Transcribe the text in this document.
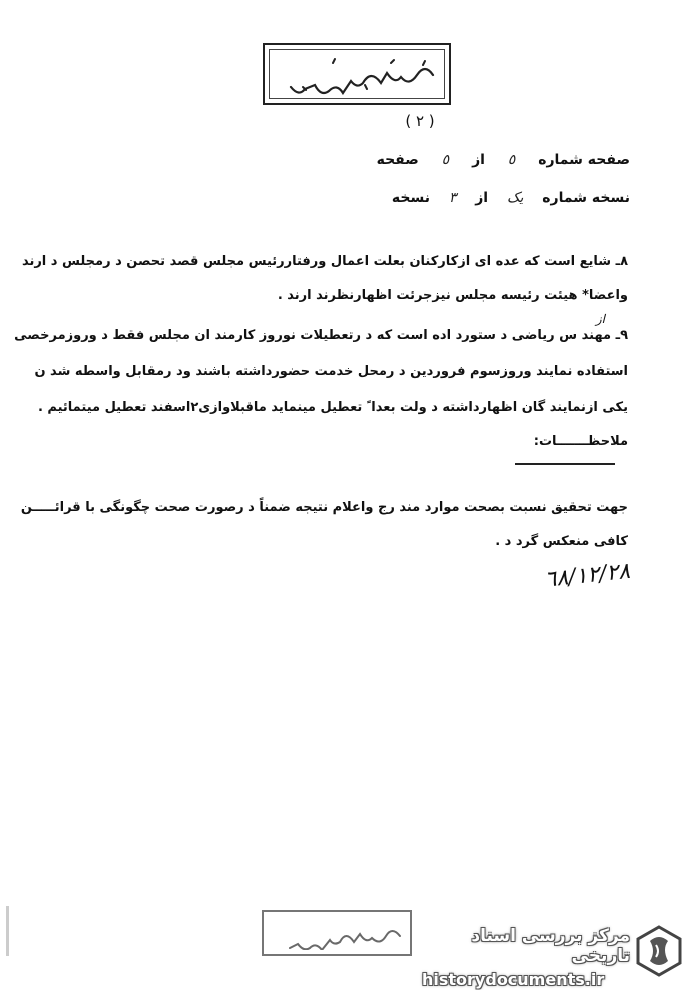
( ٢ )
صفحه شماره ٥ از ٥ صفحه
نسخه شماره یک از ٣ نسخه
٨ـ شایع است که عده ای ازکارکنان بعلت اعمال ورفتاررئیس مجلس قصد تحصن د رمجلس د ارند
واعضا* هیئت رئیسه مجلس نیزجرئت اظهارنظرند ارند .
از
٩ـ مهند س ریاضی د ستورد اده است که د رتعطیلات نوروز کارمند ان مجلس فقط د وروزمرخصی
استفاده نمایند وروزسوم فروردین د رمحل خدمت حضورداشته باشند ود رمقابل واسطه شد ن
یکی ازنمایند گان اظهارداشته د ولت بعدا ً تعطیل مینماید ماقبلاوازی٢اسفند تعطیل میتمائیم .
ملاحظـــــــات:
جهت تحقیق نسبت بصحت موارد مند رج واعلام نتیجه ضمناً د رصورت صحت چگونگی با قرائـــــن
کافی منعکس گرد د .
٦٨/١٢/٢٨
مرکز بررسی اسناد تاریخی
historydocuments.ir
